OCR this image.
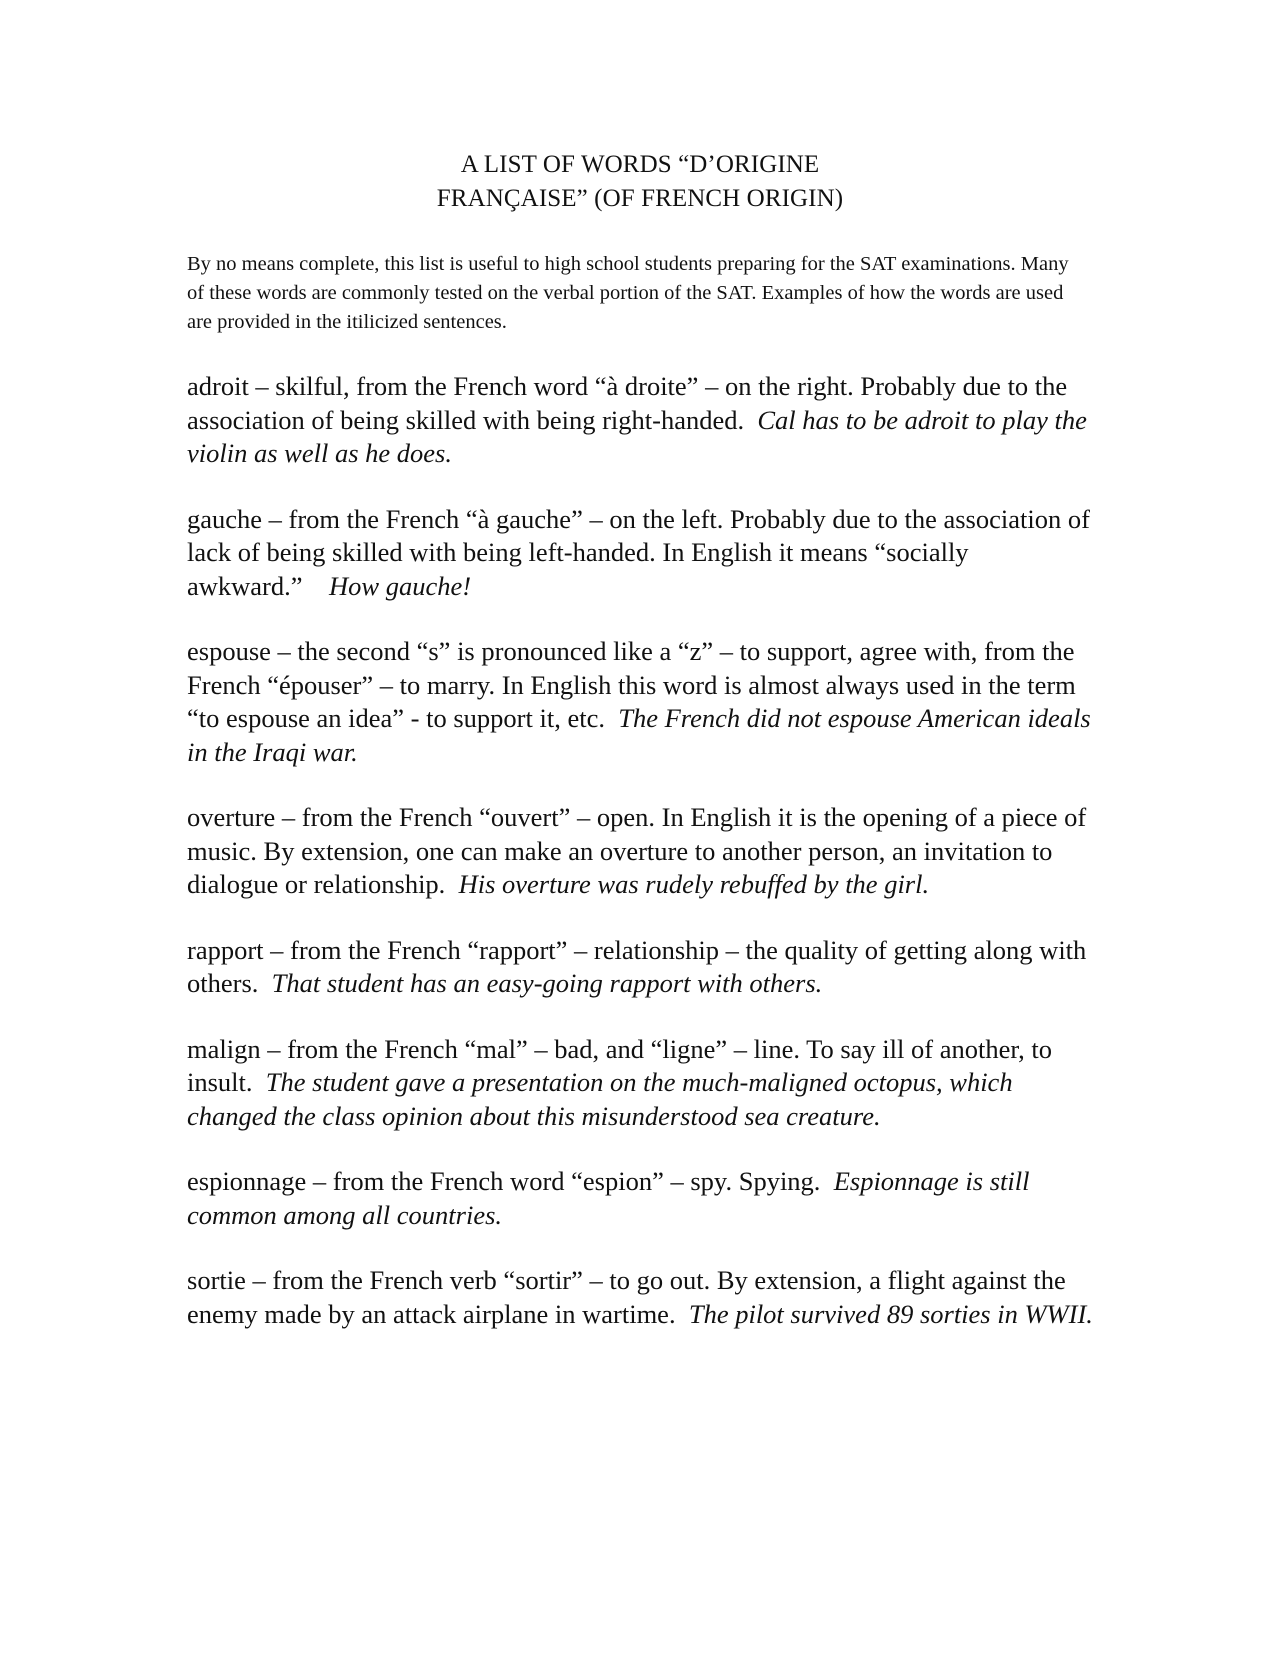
A LIST OF WORDS “D’ORIGINE
FRANÇAISE” (OF FRENCH ORIGIN)
By no means complete, this list is useful to high school students preparing for the SAT examinations. Many of these words are commonly tested on the verbal portion of the SAT. Examples of how the words are used are provided in the itilicized sentences.

adroit – skilful, from the French word “à droite” – on the right. Probably due to the association of being skilled with being right-handed. Cal has to be adroit to play the violin as well as he does.

gauche – from the French “à gauche” – on the left. Probably due to the association of lack of being skilled with being left-handed. In English it means “socially awkward.” How gauche!

espouse – the second “s” is pronounced like a “z” – to support, agree with, from the French “épouser” – to marry. In English this word is almost always used in the term “to espouse an idea” - to support it, etc. The French did not espouse American ideals in the Iraqi war.

overture – from the French “ouvert” – open. In English it is the opening of a piece of music. By extension, one can make an overture to another person, an invitation to dialogue or relationship. His overture was rudely rebuffed by the girl.

rapport – from the French “rapport” – relationship – the quality of getting along with others. That student has an easy-going rapport with others.

malign – from the French “mal” – bad, and “ligne” – line. To say ill of another, to insult. The student gave a presentation on the much-maligned octopus, which changed the class opinion about this misunderstood sea creature.

espionnage – from the French word “espion” – spy. Spying. Espionnage is still common among all countries.

sortie – from the French verb “sortir” – to go out. By extension, a flight against the enemy made by an attack airplane in wartime. The pilot survived 89 sorties in WWII.
